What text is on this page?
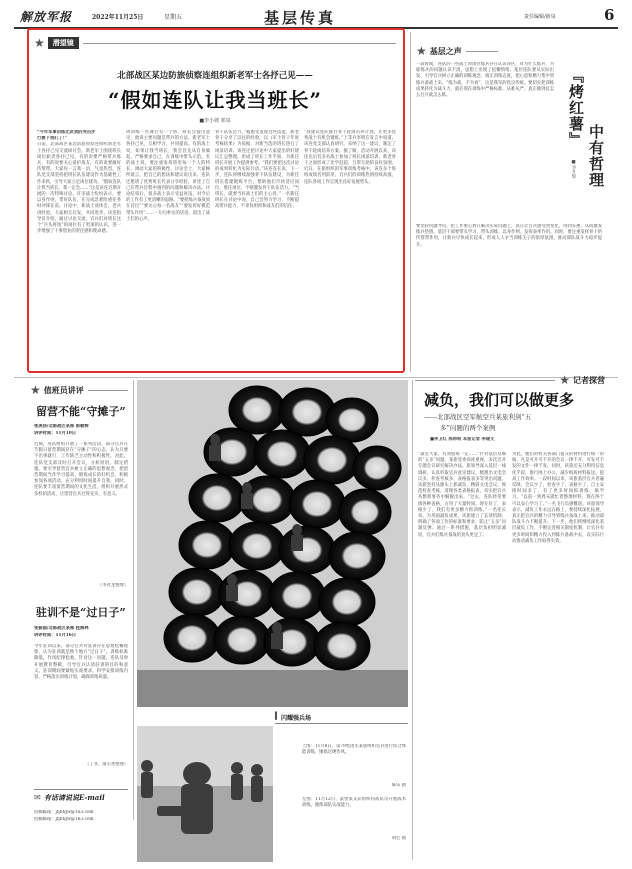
解放军报	2022年11月25日	星期五	基层传真	责任编辑/薛泉	6
★	潜望镜
北部战区某边防旅侦察连组织新老军士各抒己见——
“假如连队让我当班长”
■李小坡 邓泉
“今年军事训练比武我的突击步
行赛下我们了!”
日前，北部战区某边防旅侦察连组织新老军士各抒己见交流研讨会。新老军士围绕班长岗位职责各抒己见，有的说要严格带兵练兵，有的说要关心爱护战友，有的说要做好传帮带。大家你一言我一语，气氛热烈。连队党支部坚持把班长队伍建设作为基础性工作来抓，引导大家立足岗位建功。“假如连队让我当班长，我一定会……”这是该连近期开展的一次特殊讨论。许多战士纷纷表示，要以身作则，带好队伍，在完成急难险重任务时冲锋在前。讨论中，新战士谈体会，老兵讲经验，大家相互启发，共同进步。该连指导员介绍，通过讨论交流，官兵们对班长这个“兵头将尾”的岗位有了更深的认识，进一步增强了干事创业的责任感和使命感。
周训练一些课目有一个班，班长会提出意见，他说主要问题是带兵的方法。新老军士各抒己见，互相学习，共同提高。有的战士说，如果让我当班长，我会首先从自身做起，严格要求自己，在训练中带头示范。有的战士说，要注重发挥班里每一个人的特长，调动大家的积极性。讨论会上，大家畅所欲言，把自己的想法和建议说出来。连队还邀请了优秀班长代表分享经验，讲述了自己在带兵过程中遇到的问题和解决办法。讨论结束后，很多战士表示受益匪浅，对今后的工作有了更清晰的思路。“要把练兵备战放在首位”“要关心每一名战友”“要发挥好模范带头作用”……一句句朴实的话语，道出了战士们的心声。
骨干队伍活力。”据悉受发现这些技能，新老骨干分享了以往的经验，以《军士骨干年度考核结果》为依据，对新当选的班长进行了岗前培训。该连还把讨论中大家提出的好建议汇总整理，形成了班长工作手册，为新任班长开展工作提供参考。“我们要把这次讨论的成果转化为实际行动。”该连连长说，下一步，连队将继续加强骨干队伍建设，为新任班长搭建锻炼平台，帮助他们尽快适应岗位、胜任岗位，不断激发骨干队伍活力。“当班长，就要当好战士们的主心骨。”一名新任班长在讨论中说，自己会努力学习，不断提高带兵能力，不辜负组织和战友们的信任。
“我建议连队推行骨干轮岗培养计划，让更多优秀战士有机会锻炼。”上等兵李明在发言中说道。该连党支部认真研究，采纳了这一建议，制定了骨干轮岗培养方案。据了解，活动开展以来，该连先后有多名战士参加了班长岗前培训，新老骨干之间形成了比学赶超、互帮互助的良好氛围。近日，在旅组织的军事训练考核中，该连多个班组成绩名列前茅，官兵们的训练热情持续高涨，连队各项工作呈现出良好发展势头。
★ 基层之声
一段时间，连队的一些战士对岗位练兵存在认识误区，对为什么练兵、为谁练兵的问题认识不清，思想上出现了松懈情绪。基层连队要从实际出发，引导官兵树立正确的训练观念，端正训练态度，把心思和精力集中到练兵备战上来。“练为战，不为看”，这是我军的优良传统。要切实把训练成果转化为战斗力，就必须在训练中严格标准，从难从严，真正做到仗怎么打兵就怎么练。
要坚持问题导向，把工作重心放在解决实际问题上，真正让官兵感受到变化、得到实惠，从而激发练兵热情。基层干部要带头学习、带头训练，以身作则，发挥表率作用。同时，要注重发挥骨干的传帮带作用，让新兵尽快成长起来，形成人人争当训练尖子的浓厚氛围，推动部队战斗力稳步提升。
『烤红薯』
中有哲理
■李升辉
★ 值班员讲评
留营不能“守摊子”
张美扬/北部战区某部 郭朝辉
讲评时间：11月10日
近期，连队组织开展了一系列活动，部分官兵在节假日留营期间存在“守摊子”的心态，认为只要不出事就行，工作缺乏主动性和积极性。对此，连队党支部及时召开会议，分析原因，制定措施。要引导留营官兵树立正确的思想观念，把留营期间当作学习提高、锻炼成长的好机会，积极参加各项活动，充分利用时间提升自我。同时，连队要丰富留营期间的文化生活，组织开展形式多样的活动，让留营官兵过得充实、有意义。
（李君龙整理）
驻训不是“过日子”
张振国/北部战区某部 桂海林
讲评时间：11月16日
今年驻训以来，部分官兵对驻训存在思想松懈现象，认为驻训就是换个地方“过日子”，训练标准降低，作风纪律松弛。针对这一问题，连队及时开展教育整顿，引导官兵认清驻训的目的和意义。驻训期间要紧贴实战要求，科学安排训练内容，严格落实训练计划，确保训练质量。
（丁亚、南宗尧整理）
✉ 有话请说说E-mail
投稿邮箱：jfjbtgw@163.com
投稿邮箱：jfjbtgw@163.com
▍ 闪耀强兵场
上图：11月8日，第79集团军某旅组织官兵进行综合体能训练，锤炼过硬作风。
陈乐 摄
左图：11月12日，武警某支队组织特战队员开展战术训练，锤炼部队实战能力。
胡宏 摄
★ 记者探营
减负，我们可以做更多
——北部战区空军航空兵某旅利剑“五
多”问题的两个案例
■李卫红 陈帅锐 本报记者 李建文
“最近大家，有效值班一定……”针对基层反映的“五多”问题，某旅党委高度重视，多次召开专题会议研究解决办法。旅领导深入基层一线调研，认真听取官兵意见建议，梳理出文电会议多、检查考核多、表格报表多等突出问题。该旅坚持从源头上抓减负，精简文电会议，规范检查考核，清理各类表格报表，切实把官兵从繁琐事务中解脱出来。“过去，连队经常要填各种表格，占用了大量时间。现在好了，表格少了，我们有更多精力抓训练。”一名连长说。为巩固减负成果，该旅建立了长效机制，明确了各项工作的标准和要求，防止“五多”问题反弹。通过一系列措施，基层负担明显减轻，官兵们练兵备战的劲头更足了。
为此，他们对机关各部门提交的材料进行统一审核，凡是可开可不开的会议一律不开，可发可不发的文件一律不发。同时，该旅还充分利用信息化手段，推行网上办公，减少纸质材料报送，提高工作效率。一段时间以来，该旅基层官兵普遍反映，会议少了，检查少了，表格少了，自主安排时间多了，有了更多时间抓训练、搞学习。“以前一到周末就忙着整理材料，现在终于可以安心学习了。”一名飞行员感慨道。该旅领导表示，减负工作永远在路上，要持续深化拓展，真正把官兵的精力引导到练兵备战上来，推动部队战斗力不断提升。下一步，他们将继续深化基层减负工作，不断完善相关制度机制，让官兵有更多时间和精力投入到练兵备战中去，以实际行动推动减负工作取得实效。
